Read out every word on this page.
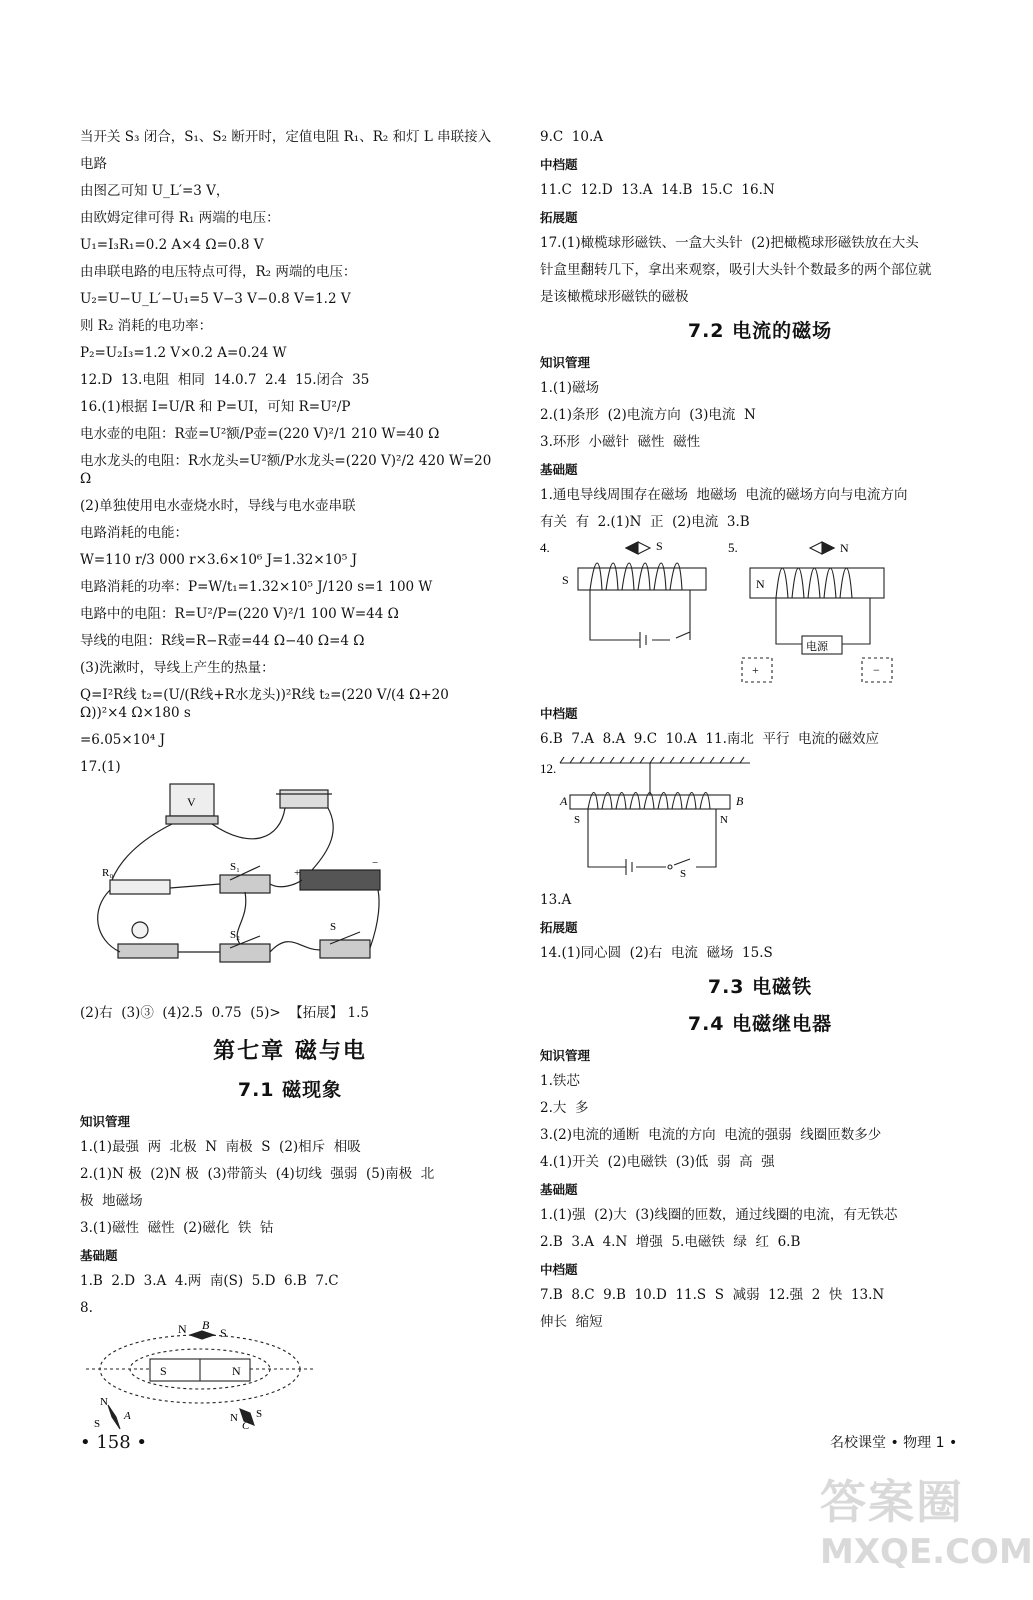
当开关 S₃ 闭合，S₁、S₂ 断开时，定值电阻 R₁、R₂ 和灯 L 串联接入
电路
由图乙可知 U_L′=3 V，
由欧姆定律可得 R₁ 两端的电压：
U₁=I₃R₁=0.2 A×4 Ω=0.8 V
由串联电路的电压特点可得，R₂ 两端的电压：
U₂=U−U_L′−U₁=5 V−3 V−0.8 V=1.2 V
则 R₂ 消耗的电功率：
P₂=U₂I₃=1.2 V×0.2 A=0.24 W
12.D  13.电阻  相同  14.0.7  2.4  15.闭合  35
16.(1)根据 I=U/R 和 P=UI，可知 R=U²/P
电水壶的电阻：R壶=U²额/P壶=(220 V)²/1 210 W=40 Ω
电水龙头的电阻：R水龙头=U²额/P水龙头=(220 V)²/2 420 W=20 Ω
(2)单独使用电水壶烧水时，导线与电水壶串联
电路消耗的电能：
W=110 r/3 000 r×3.6×10⁶ J=1.32×10⁵ J
电路消耗的功率：P=W/t₁=1.32×10⁵ J/120 s=1 100 W
电路中的电阻：R=U²/P=(220 V)²/1 100 W=44 Ω
导线的电阻：R线=R−R壶=44 Ω−40 Ω=4 Ω
(3)洗漱时，导线上产生的热量：
Q=I²R线 t₂=(U/(R线+R水龙头))²R线 t₂=(220 V/(4 Ω+20 Ω))²×4 Ω×180 s
=6.05×10⁴ J
17.(1)
V
R₀	S₁
S₂
S
+
−
(2)右  (3)③  (4)2.5  0.75  (5)>  【拓展】 1.5
第七章 磁与电
7.1 磁现象
知识管理
1.(1)最强  两  北极  N  南极  S  (2)相斥  相吸
2.(1)N 极  (2)N 极  (3)带箭头  (4)切线  强弱  (5)南极  北
极  地磁场
3.(1)磁性  磁性  (2)磁化  铁  钴
基础题
1.B  2.D  3.A  4.两  南(S)  5.D  6.B  7.C
8.
N B
S
S	N
N
A
S	N
C
S
9.C  10.A
中档题
11.C  12.D  13.A  14.B  15.C  16.N
拓展题
17.(1)橄榄球形磁铁、一盒大头针  (2)把橄榄球形磁铁放在大头
针盒里翻转几下，拿出来观察，吸引大头针个数最多的两个部位就
是该橄榄球形磁铁的磁极
7.2 电流的磁场
知识管理
1.(1)磁场
2.(1)条形  (2)电流方向  (3)电流  N
3.环形  小磁针  磁性  磁性
基础题
1.通电导线周围存在磁场  地磁场  电流的磁场方向与电流方向
有关  有  2.(1)N  正  (2)电流  3.B
4.	S
S
5.	N
N
电源
+	−
中档题
6.B  7.A  8.A  9.C  10.A  11.南北  平行  电流的磁效应
12.
A	B
S	N
S
13.A
拓展题
14.(1)同心圆  (2)右  电流  磁场  15.S
7.3 电磁铁
7.4 电磁继电器
知识管理
1.铁芯
2.大  多
3.(2)电流的通断  电流的方向  电流的强弱  线圈匝数多少
4.(1)开关  (2)电磁铁  (3)低  弱  高  强
基础题
1.(1)强  (2)大  (3)线圈的匝数，通过线圈的电流，有无铁芯
2.B  3.A  4.N  增强  5.电磁铁  绿  红  6.B
中档题
7.B  8.C  9.B  10.D  11.S  S  减弱  12.强  2  快  13.N
伸长  缩短
• 158 •	名校课堂 • 物理 1 •
答案圈
MXQE.COM
